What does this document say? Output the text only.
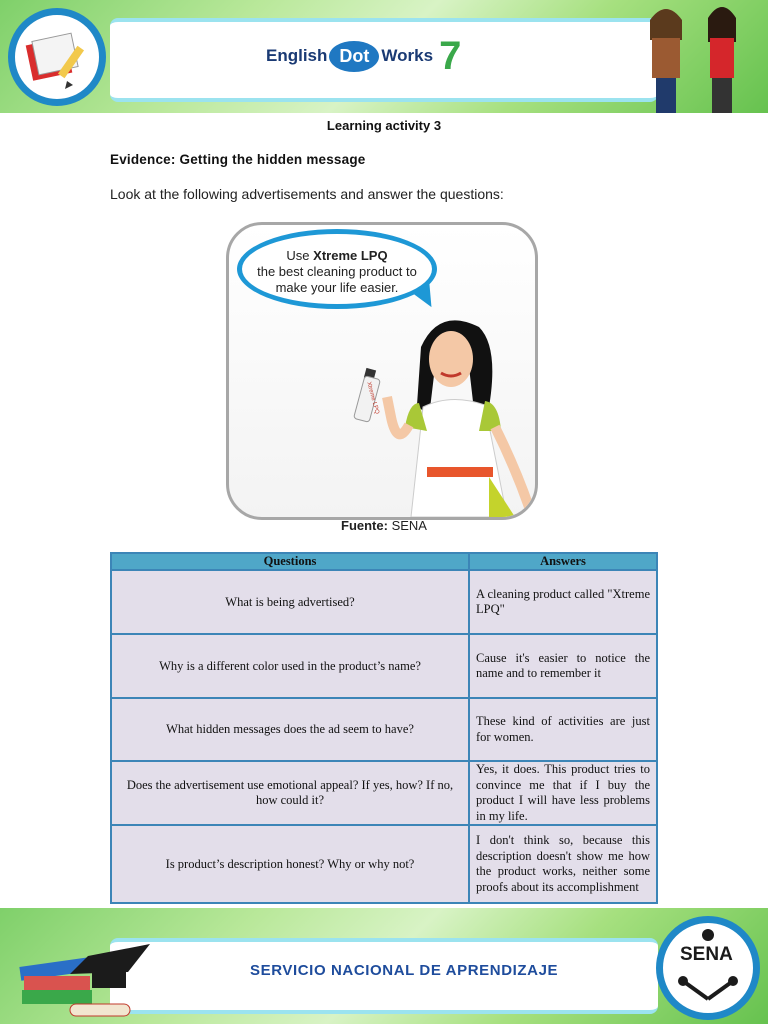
English Dot Works 7
Learning activity 3
Evidence: Getting the hidden message
Look at the following advertisements and answer the questions:
Use Xtreme LPQ
the best cleaning product to
make your life easier.
Xtreme LPQ
Fuente: SENA
Questions	Answers
What is being advertised?	A cleaning product called "Xtreme LPQ"
Why is a different color used in the product’s name?	Cause it's easier to notice the name and to remember it
What hidden messages does the ad seem to have?	These kind of activities are just for women.
Does the advertisement use emotional appeal? If yes, how? If no, how could it?	Yes, it does. This product tries to convince me that if I buy the product I will have less problems in my life.
Is product’s description honest? Why or why not?	I don't think so, because this description doesn't show me how the product works, neither some proofs about its accomplishment
SERVICIO NACIONAL DE APRENDIZAJE
SENA
